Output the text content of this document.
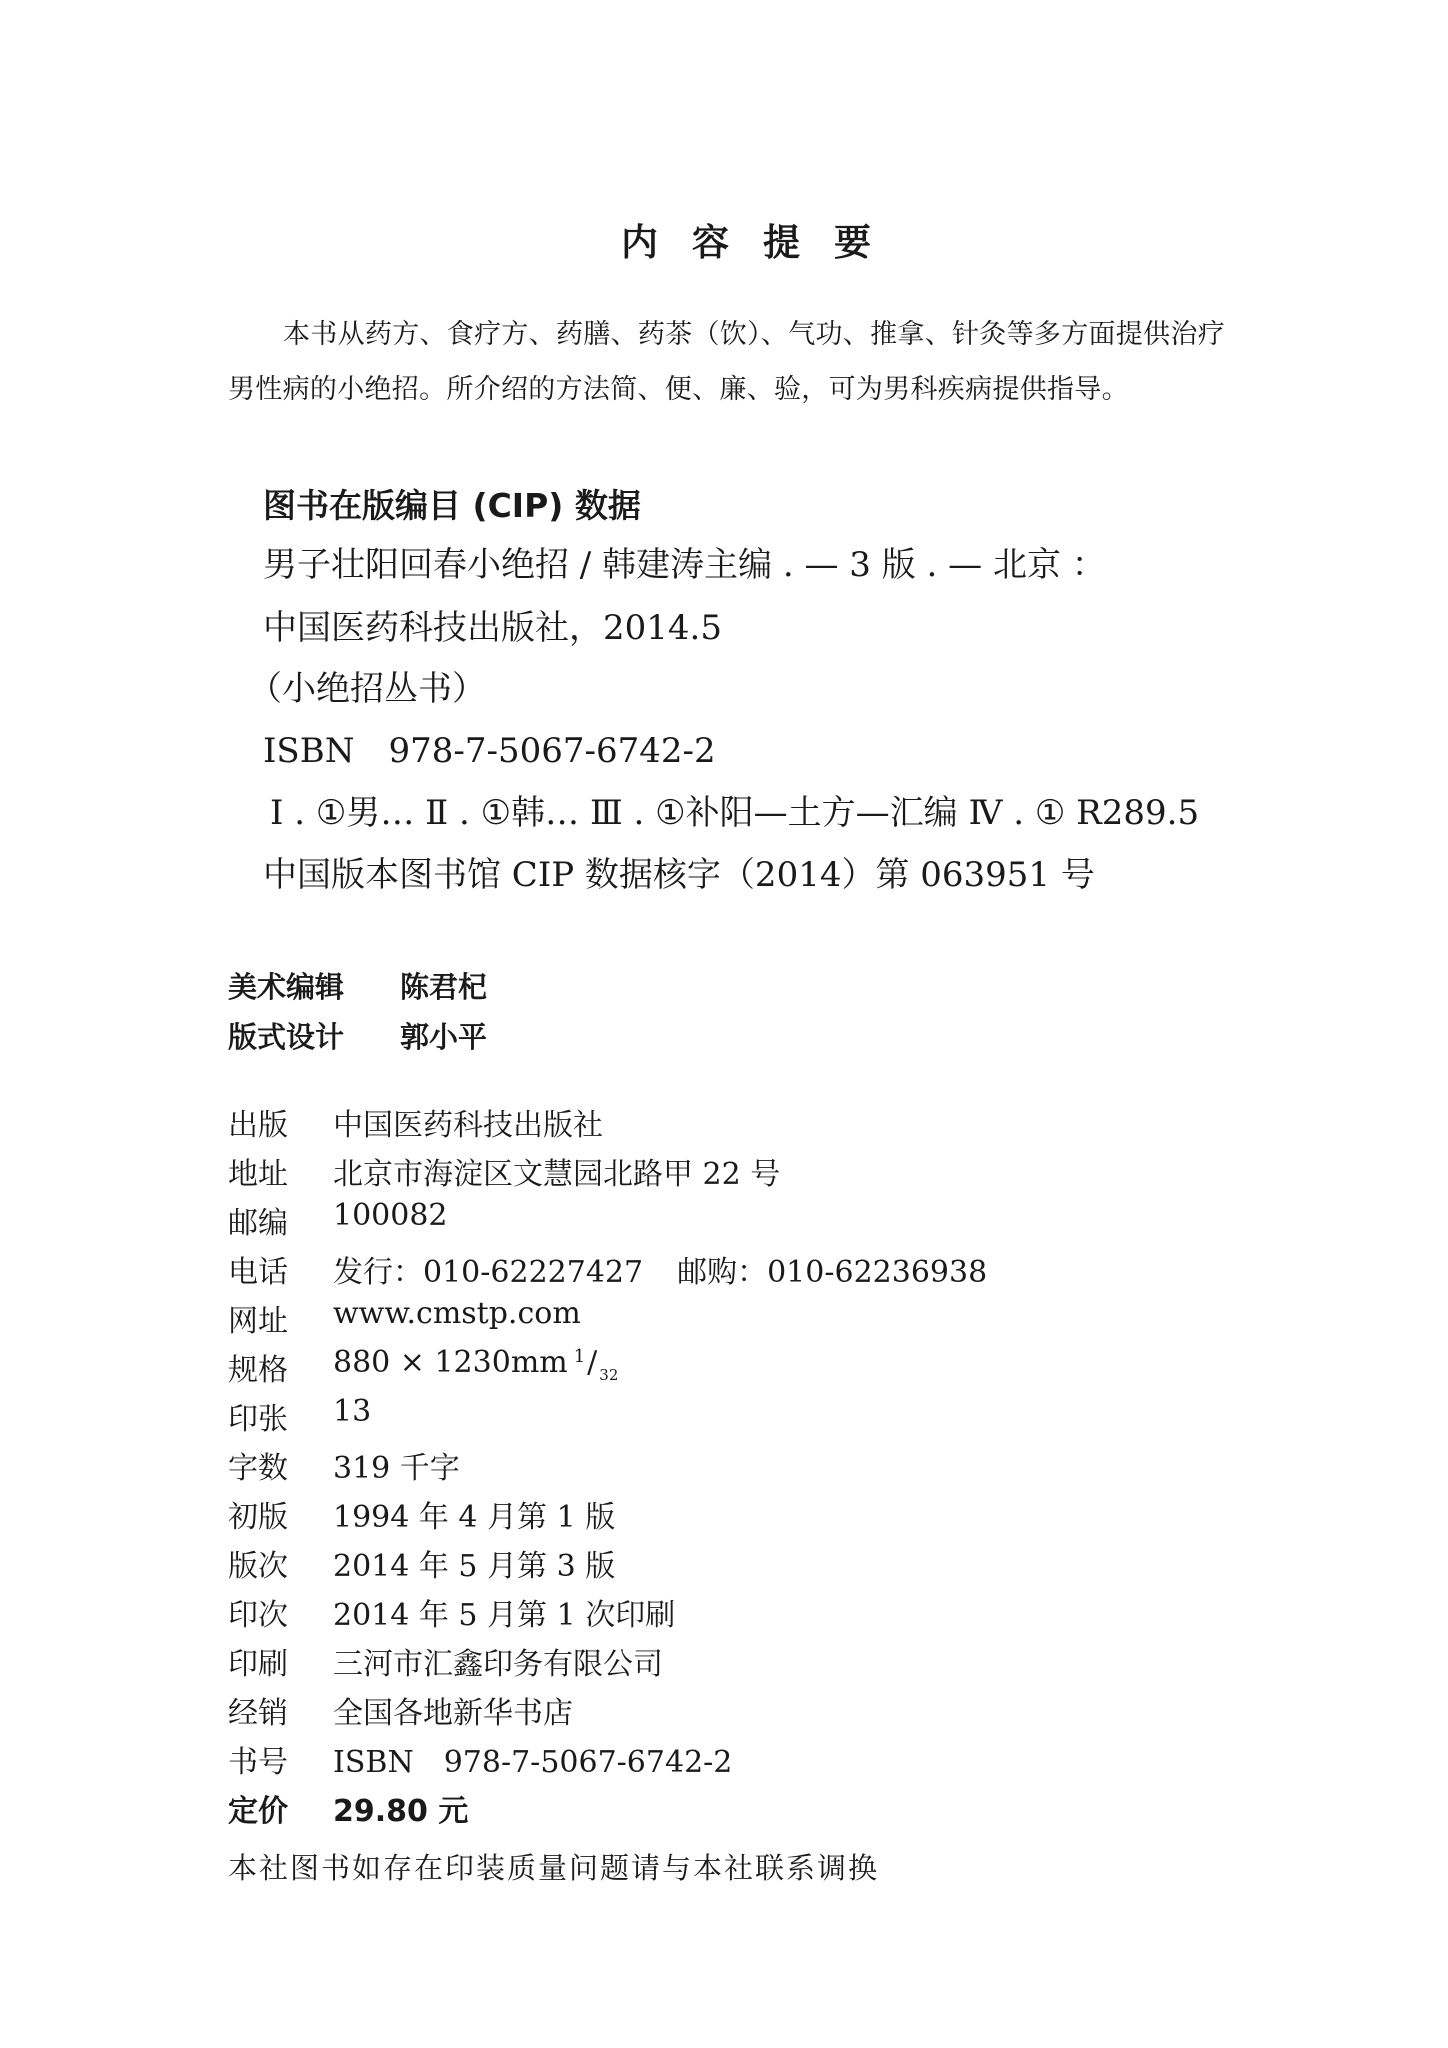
内容提要
本书从药方、食疗方、药膳、药茶（饮）、气功、推拿、针灸等多方面提供治疗
男性病的小绝招。所介绍的方法简、便、廉、验，可为男科疾病提供指导。
图书在版编目 (CIP) 数据
男子壮阳回春小绝招 / 韩建涛主编 . — 3 版 . — 北京 ：
中国医药科技出版社，2014.5
（小绝招丛书）
ISBN　978-7-5067-6742-2
Ⅰ . ①男… Ⅱ . ①韩… Ⅲ . ①补阳—土方—汇编 Ⅳ . ① R289.5
中国版本图书馆 CIP 数据核字（2014）第 063951 号
美术编辑 陈君杞
版式设计 郭小平
出版 中国医药科技出版社
地址 北京市海淀区文慧园北路甲 22 号
邮编 100082
电话 发行：010-62227427 邮购：010-62236938
网址 www.cmstp.com
规格 880 × 1230mm $^1$/ $_{32}$
印张 13
字数 319 千字
初版 1994 年 4 月第 1 版
版次 2014 年 5 月第 3 版
印次 2014 年 5 月第 1 次印刷
印刷 三河市汇鑫印务有限公司
经销 全国各地新华书店
书号 ISBN　978-7-5067-6742-2
定价 29.80 元
本社图书如存在印装质量问题请与本社联系调换
